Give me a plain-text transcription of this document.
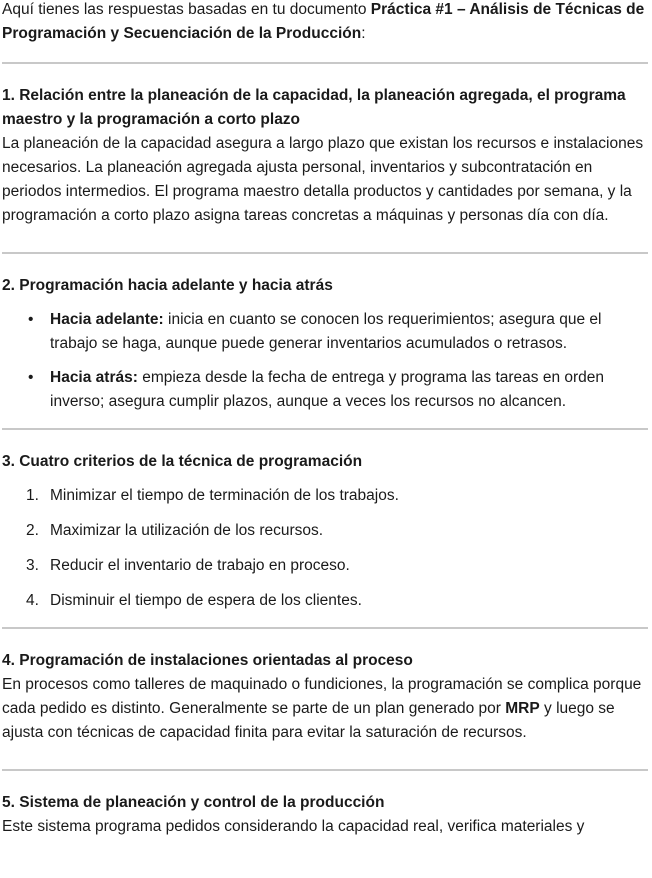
Aquí tienes las respuestas basadas en tu documento Práctica #1 – Análisis de Técnicas de Programación y Secuenciación de la Producción:

1. Relación entre la planeación de la capacidad, la planeación agregada, el programa maestro y la programación a corto plazo

La planeación de la capacidad asegura a largo plazo que existan los recursos e instalaciones necesarios. La planeación agregada ajusta personal, inventarios y subcontratación en periodos intermedios. El programa maestro detalla productos y cantidades por semana, y la programación a corto plazo asigna tareas concretas a máquinas y personas día con día.

2. Programación hacia adelante y hacia atrás

• Hacia adelante: inicia en cuanto se conocen los requerimientos; asegura que el trabajo se haga, aunque puede generar inventarios acumulados o retrasos.
• Hacia atrás: empieza desde la fecha de entrega y programa las tareas en orden inverso; asegura cumplir plazos, aunque a veces los recursos no alcancen.

3. Cuatro criterios de la técnica de programación

1. Minimizar el tiempo de terminación de los trabajos.
2. Maximizar la utilización de los recursos.
3. Reducir el inventario de trabajo en proceso.
4. Disminuir el tiempo de espera de los clientes.

4. Programación de instalaciones orientadas al proceso

En procesos como talleres de maquinado o fundiciones, la programación se complica porque cada pedido es distinto. Generalmente se parte de un plan generado por MRP y luego se ajusta con técnicas de capacidad finita para evitar la saturación de recursos.

5. Sistema de planeación y control de la producción

Este sistema programa pedidos considerando la capacidad real, verifica materiales y
